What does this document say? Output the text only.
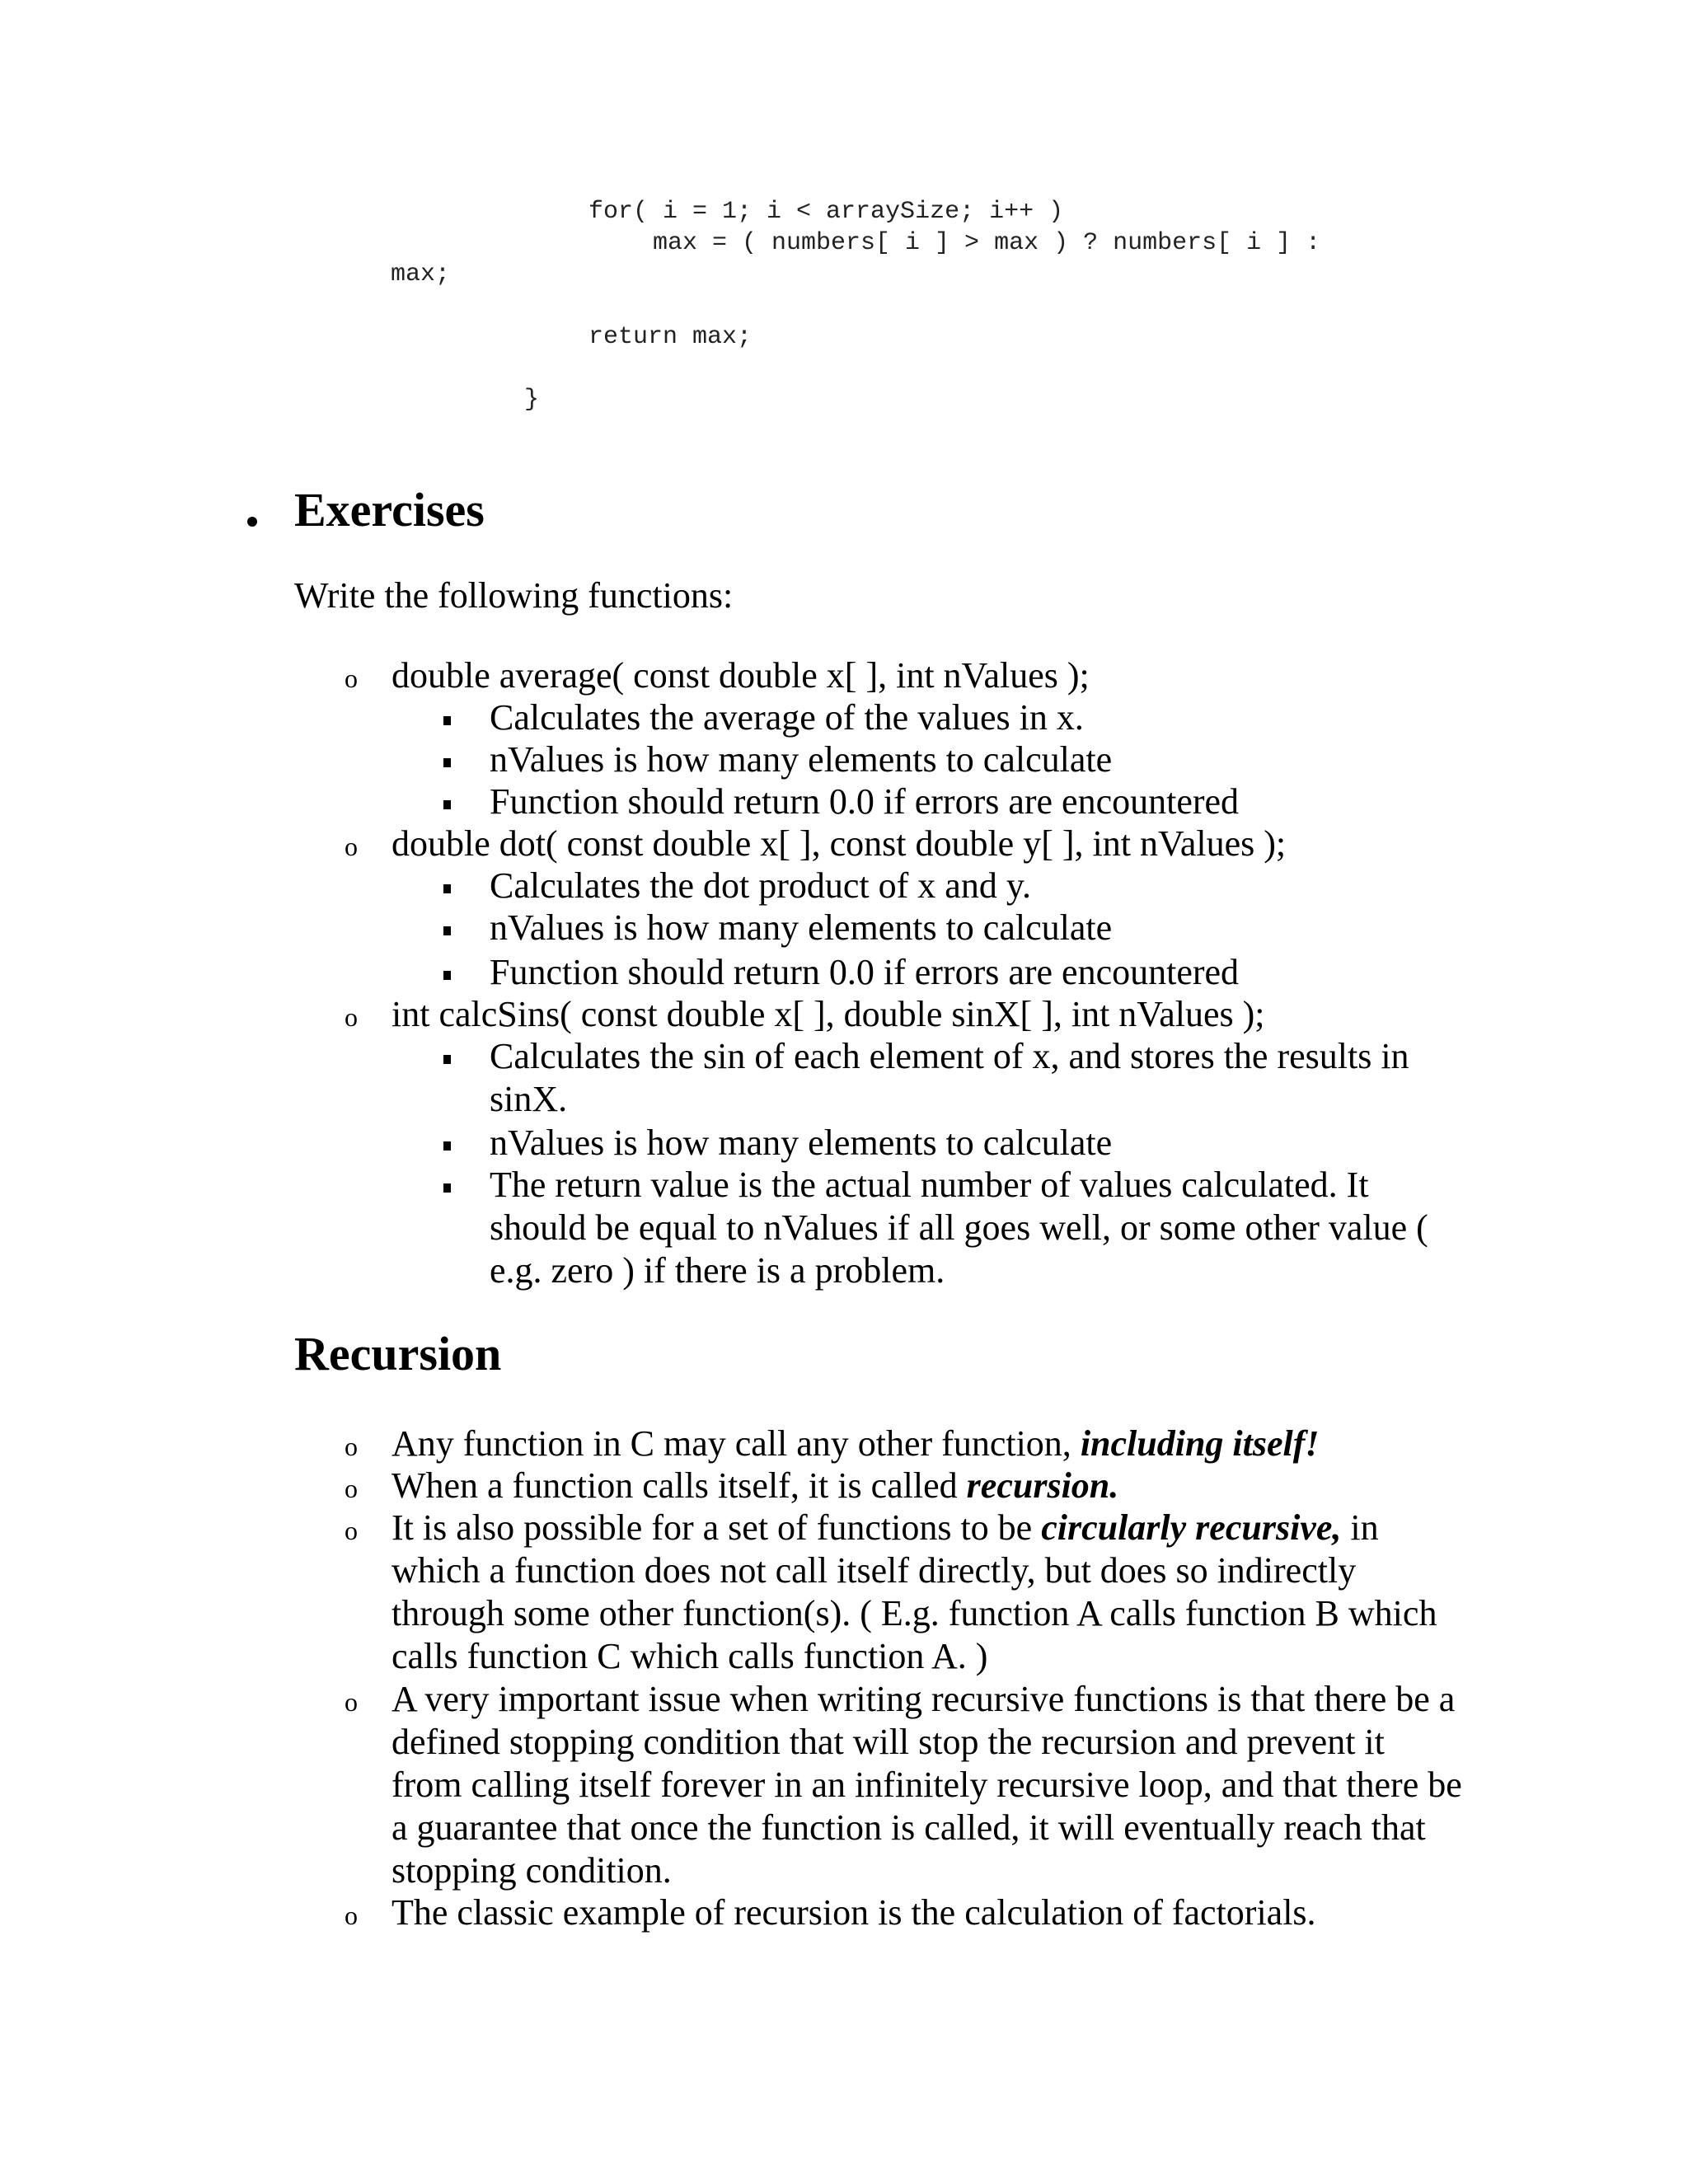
for( i = 1; i < arraySize; i++ )
max = ( numbers[ i ] > max ) ? numbers[ i ] :
max;
return max;
}
Exercises
Write the following functions:
o double average( const double x[ ], int nValues );
Calculates the average of the values in x.
nValues is how many elements to calculate
Function should return 0.0 if errors are encountered
o double dot( const double x[ ], const double y[ ], int nValues );
Calculates the dot product of x and y.
nValues is how many elements to calculate
Function should return 0.0 if errors are encountered
o int calcSins( const double x[ ], double sinX[ ], int nValues );
Calculates the sin of each element of x, and stores the results in sinX.
nValues is how many elements to calculate
The return value is the actual number of values calculated. It should be equal to nValues if all goes well, or some other value ( e.g. zero ) if there is a problem.
Recursion
o Any function in C may call any other function, including itself!
o When a function calls itself, it is called recursion.
o It is also possible for a set of functions to be circularly recursive, in which a function does not call itself directly, but does so indirectly through some other function(s). ( E.g. function A calls function B which calls function C which calls function A. )
o A very important issue when writing recursive functions is that there be a defined stopping condition that will stop the recursion and prevent it from calling itself forever in an infinitely recursive loop, and that there be a guarantee that once the function is called, it will eventually reach that stopping condition.
o The classic example of recursion is the calculation of factorials.
